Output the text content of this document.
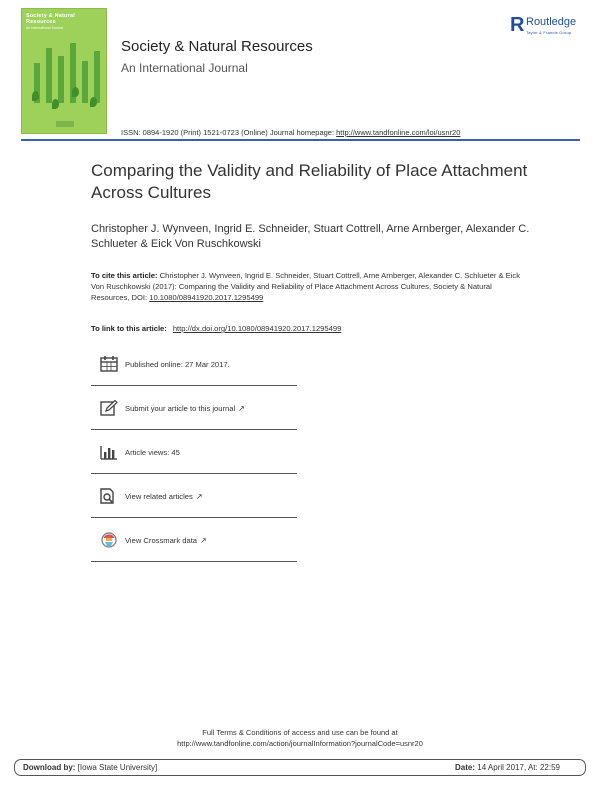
Society & Natural Resources
An International Journal
Society & Natural Resources
An International Journal
R Routledge
Taylor & Francis Group
ISSN: 0894-1920 (Print) 1521-0723 (Online) Journal homepage: http://www.tandfonline.com/loi/usnr20
Comparing the Validity and Reliability of Place Attachment Across Cultures
Christopher J. Wynveen, Ingrid E. Schneider, Stuart Cottrell, Arne Arnberger, Alexander C. Schlueter & Eick Von Ruschkowski
To cite this article: Christopher J. Wynveen, Ingrid E. Schneider, Stuart Cottrell, Arne Arnberger, Alexander C. Schlueter & Eick Von Ruschkowski (2017): Comparing the Validity and Reliability of Place Attachment Across Cultures, Society & Natural Resources, DOI: 10.1080/08941920.2017.1295499
To link to this article: http://dx.doi.org/10.1080/08941920.2017.1295499
Published online: 27 Mar 2017.
Submit your article to this journal ↗
Article views: 45
View related articles ↗
View Crossmark data ↗
Full Terms & Conditions of access and use can be found at
http://www.tandfonline.com/action/journalInformation?journalCode=usnr20
Download by: [Iowa State University]	Date: 14 April 2017, At: 22:59
